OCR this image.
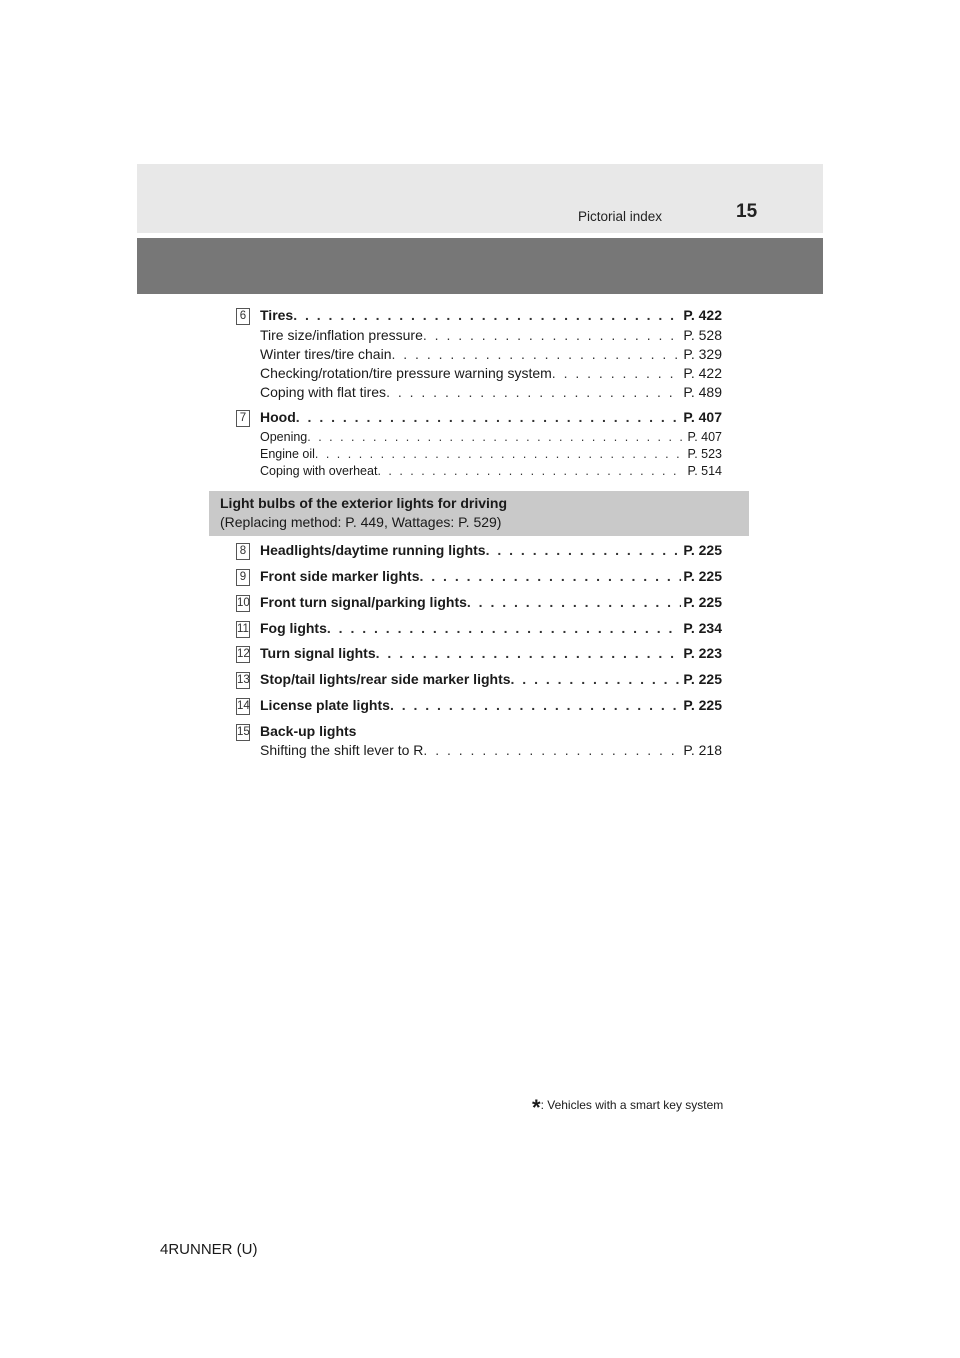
Pictorial index	15
6 Tires . . .	P. 422
Tire size/inflation pressure . . .	P. 528
Winter tires/tire chain . . .	P. 329
Checking/rotation/tire pressure warning system . . .	P. 422
Coping with flat tires . . .	P. 489
7 Hood . . .	P. 407
Opening . . .	P. 407
Engine oil . . .	P. 523
Coping with overheat . . .	P. 514
Light bulbs of the exterior lights for driving
(Replacing method: P. 449, Wattages: P. 529)
8 Headlights/daytime running lights . . .	P. 225
9 Front side marker lights . . .	P. 225
10 Front turn signal/parking lights . . .	P. 225
11 Fog lights . . .	P. 234
12 Turn signal lights . . .	P. 223
13 Stop/tail lights/rear side marker lights . . .	P. 225
14 License plate lights . . .	P. 225
15 Back-up lights
Shifting the shift lever to R . . .	P. 218
*: Vehicles with a smart key system
4RUNNER (U)
